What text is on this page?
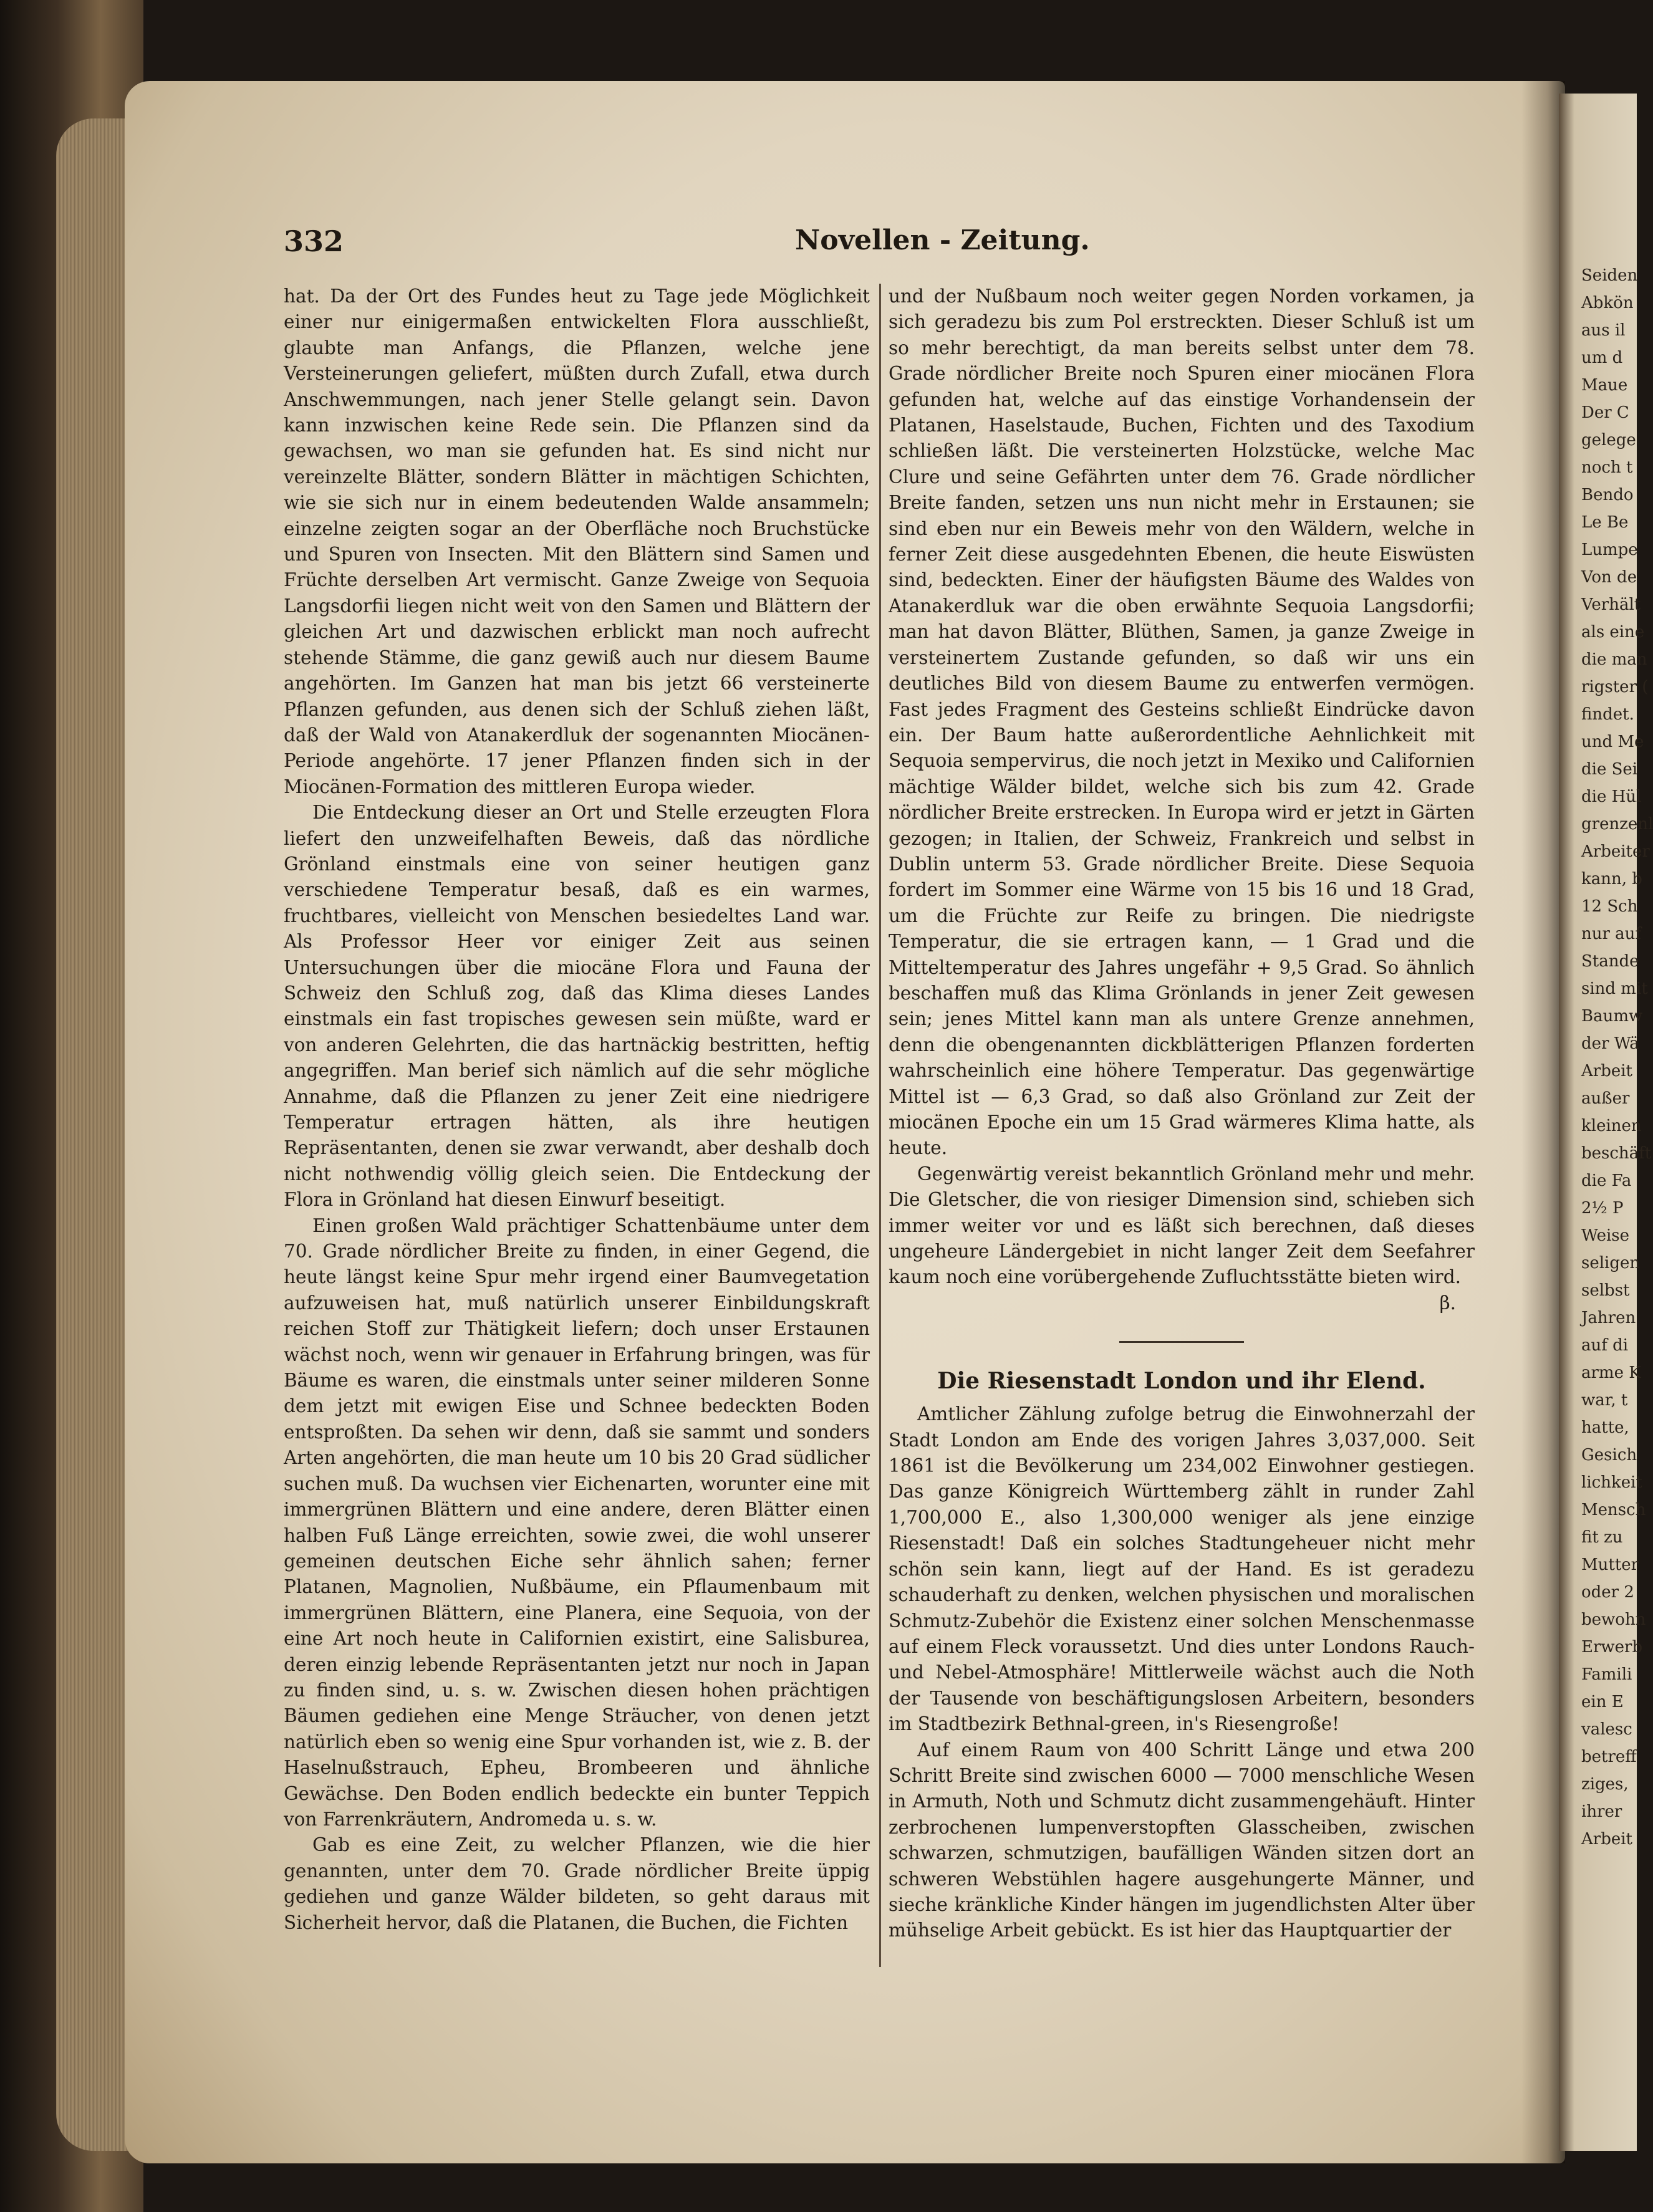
Seiden
Abkön
aus il
um d
Maue
Der C
gelege
noch t
Bendo
Le Be
Lumpe
Von de
Verhält
als eine
die man
rigster (
findet.
und Me
die Sei
die Hül
grenzenl
Arbeiter
kann, b
12 Sch
nur auf
Stande
sind mit
Baumw
der Wä
Arbeit
außer
kleinen
beschäft
die Fa
2½ P
Weise
seligen
selbst
Jahren
auf di
arme K
war, t
hatte,
Gesich
lichkeit
Mensch
fit zu
Mutter
oder 2
bewohn
Erwerb
Famili
ein E
valesc
betreff
ziges,
ihrer
Arbeit
332	Novellen - Zeitung.

hat. Da der Ort des Fundes heut zu Tage jede Möglichkeit einer nur einigermaßen entwickelten Flora ausschließt, glaubte man Anfangs, die Pflanzen, welche jene Versteinerungen geliefert, müßten durch Zufall, etwa durch Anschwemmungen, nach jener Stelle gelangt sein. Davon kann inzwischen keine Rede sein. Die Pflanzen sind da gewachsen, wo man sie gefunden hat. Es sind nicht nur vereinzelte Blätter, sondern Blätter in mächtigen Schichten, wie sie sich nur in einem bedeutenden Walde ansammeln; einzelne zeigten sogar an der Oberfläche noch Bruchstücke und Spuren von Insecten. Mit den Blättern sind Samen und Früchte derselben Art vermischt. Ganze Zweige von Sequoia Langsdorfii liegen nicht weit von den Samen und Blättern der gleichen Art und dazwischen erblickt man noch aufrecht stehende Stämme, die ganz gewiß auch nur diesem Baume angehörten. Im Ganzen hat man bis jetzt 66 versteinerte Pflanzen gefunden, aus denen sich der Schluß ziehen läßt, daß der Wald von Atanakerdluk der sogenannten Miocänen-Periode angehörte. 17 jener Pflanzen finden sich in der Miocänen-Formation des mittleren Europa wieder.

Die Entdeckung dieser an Ort und Stelle erzeugten Flora liefert den unzweifelhaften Beweis, daß das nördliche Grönland einstmals eine von seiner heutigen ganz verschiedene Temperatur besaß, daß es ein warmes, fruchtbares, vielleicht von Menschen besiedeltes Land war. Als Professor Heer vor einiger Zeit aus seinen Untersuchungen über die miocäne Flora und Fauna der Schweiz den Schluß zog, daß das Klima dieses Landes einstmals ein fast tropisches gewesen sein müßte, ward er von anderen Gelehrten, die das hartnäckig bestritten, heftig angegriffen. Man berief sich nämlich auf die sehr mögliche Annahme, daß die Pflanzen zu jener Zeit eine niedrigere Temperatur ertragen hätten, als ihre heutigen Repräsentanten, denen sie zwar verwandt, aber deshalb doch nicht nothwendig völlig gleich seien. Die Entdeckung der Flora in Grönland hat diesen Einwurf beseitigt.

Einen großen Wald prächtiger Schattenbäume unter dem 70. Grade nördlicher Breite zu finden, in einer Gegend, die heute längst keine Spur mehr irgend einer Baumvegetation aufzuweisen hat, muß natürlich unserer Einbildungskraft reichen Stoff zur Thätigkeit liefern; doch unser Erstaunen wächst noch, wenn wir genauer in Erfahrung bringen, was für Bäume es waren, die einstmals unter seiner milderen Sonne dem jetzt mit ewigen Eise und Schnee bedeckten Boden entsproßten. Da sehen wir denn, daß sie sammt und sonders Arten angehörten, die man heute um 10 bis 20 Grad südlicher suchen muß. Da wuchsen vier Eichenarten, worunter eine mit immergrünen Blättern und eine andere, deren Blätter einen halben Fuß Länge erreichten, sowie zwei, die wohl unserer gemeinen deutschen Eiche sehr ähnlich sahen; ferner Platanen, Magnolien, Nußbäume, ein Pflaumenbaum mit immergrünen Blättern, eine Planera, eine Sequoia, von der eine Art noch heute in Californien existirt, eine Salisburea, deren einzig lebende Repräsentanten jetzt nur noch in Japan zu finden sind, u. s. w. Zwischen diesen hohen prächtigen Bäumen gediehen eine Menge Sträucher, von denen jetzt natürlich eben so wenig eine Spur vorhanden ist, wie z. B. der Haselnußstrauch, Epheu, Brombeeren und ähnliche Gewächse. Den Boden endlich bedeckte ein bunter Teppich von Farrenkräutern, Andromeda u. s. w.

Gab es eine Zeit, zu welcher Pflanzen, wie die hier genannten, unter dem 70. Grade nördlicher Breite üppig gediehen und ganze Wälder bildeten, so geht daraus mit Sicherheit hervor, daß die Platanen, die Buchen, die Fichten

und der Nußbaum noch weiter gegen Norden vorkamen, ja sich geradezu bis zum Pol erstreckten. Dieser Schluß ist um so mehr berechtigt, da man bereits selbst unter dem 78. Grade nördlicher Breite noch Spuren einer miocänen Flora gefunden hat, welche auf das einstige Vorhandensein der Platanen, Haselstaude, Buchen, Fichten und des Taxodium schließen läßt. Die versteinerten Holzstücke, welche Mac Clure und seine Gefährten unter dem 76. Grade nördlicher Breite fanden, setzen uns nun nicht mehr in Erstaunen; sie sind eben nur ein Beweis mehr von den Wäldern, welche in ferner Zeit diese ausgedehnten Ebenen, die heute Eiswüsten sind, bedeckten. Einer der häufigsten Bäume des Waldes von Atanakerdluk war die oben erwähnte Sequoia Langsdorfii; man hat davon Blätter, Blüthen, Samen, ja ganze Zweige in versteinertem Zustande gefunden, so daß wir uns ein deutliches Bild von diesem Baume zu entwerfen vermögen. Fast jedes Fragment des Gesteins schließt Eindrücke davon ein. Der Baum hatte außerordentliche Aehnlichkeit mit Sequoia sempervirus, die noch jetzt in Mexiko und Californien mächtige Wälder bildet, welche sich bis zum 42. Grade nördlicher Breite erstrecken. In Europa wird er jetzt in Gärten gezogen; in Italien, der Schweiz, Frankreich und selbst in Dublin unterm 53. Grade nördlicher Breite. Diese Sequoia fordert im Sommer eine Wärme von 15 bis 16 und 18 Grad, um die Früchte zur Reife zu bringen. Die niedrigste Temperatur, die sie ertragen kann, — 1 Grad und die Mitteltemperatur des Jahres ungefähr + 9,5 Grad. So ähnlich beschaffen muß das Klima Grönlands in jener Zeit gewesen sein; jenes Mittel kann man als untere Grenze annehmen, denn die obengenannten dickblätterigen Pflanzen forderten wahrscheinlich eine höhere Temperatur. Das gegenwärtige Mittel ist — 6,3 Grad, so daß also Grönland zur Zeit der miocänen Epoche ein um 15 Grad wärmeres Klima hatte, als heute.

Gegenwärtig vereist bekanntlich Grönland mehr und mehr. Die Gletscher, die von riesiger Dimension sind, schieben sich immer weiter vor und es läßt sich berechnen, daß dieses ungeheure Ländergebiet in nicht langer Zeit dem Seefahrer kaum noch eine vorübergehende Zufluchtsstätte bieten wird.

β.

Die Riesenstadt London und ihr Elend.

Amtlicher Zählung zufolge betrug die Einwohnerzahl der Stadt London am Ende des vorigen Jahres 3,037,000. Seit 1861 ist die Bevölkerung um 234,002 Einwohner gestiegen. Das ganze Königreich Württemberg zählt in runder Zahl 1,700,000 E., also 1,300,000 weniger als jene einzige Riesenstadt! Daß ein solches Stadtungeheuer nicht mehr schön sein kann, liegt auf der Hand. Es ist geradezu schauderhaft zu denken, welchen physischen und moralischen Schmutz-Zubehör die Existenz einer solchen Menschenmasse auf einem Fleck voraussetzt. Und dies unter Londons Rauch- und Nebel-Atmosphäre! Mittlerweile wächst auch die Noth der Tausende von beschäftigungslosen Arbeitern, besonders im Stadtbezirk Bethnal-green, in's Riesengroße!

Auf einem Raum von 400 Schritt Länge und etwa 200 Schritt Breite sind zwischen 6000 — 7000 menschliche Wesen in Armuth, Noth und Schmutz dicht zusammengehäuft. Hinter zerbrochenen lumpenverstopften Glasscheiben, zwischen schwarzen, schmutzigen, baufälligen Wänden sitzen dort an schweren Webstühlen hagere ausgehungerte Männer, und sieche kränkliche Kinder hängen im jugendlichsten Alter über mühselige Arbeit gebückt. Es ist hier das Hauptquartier der
